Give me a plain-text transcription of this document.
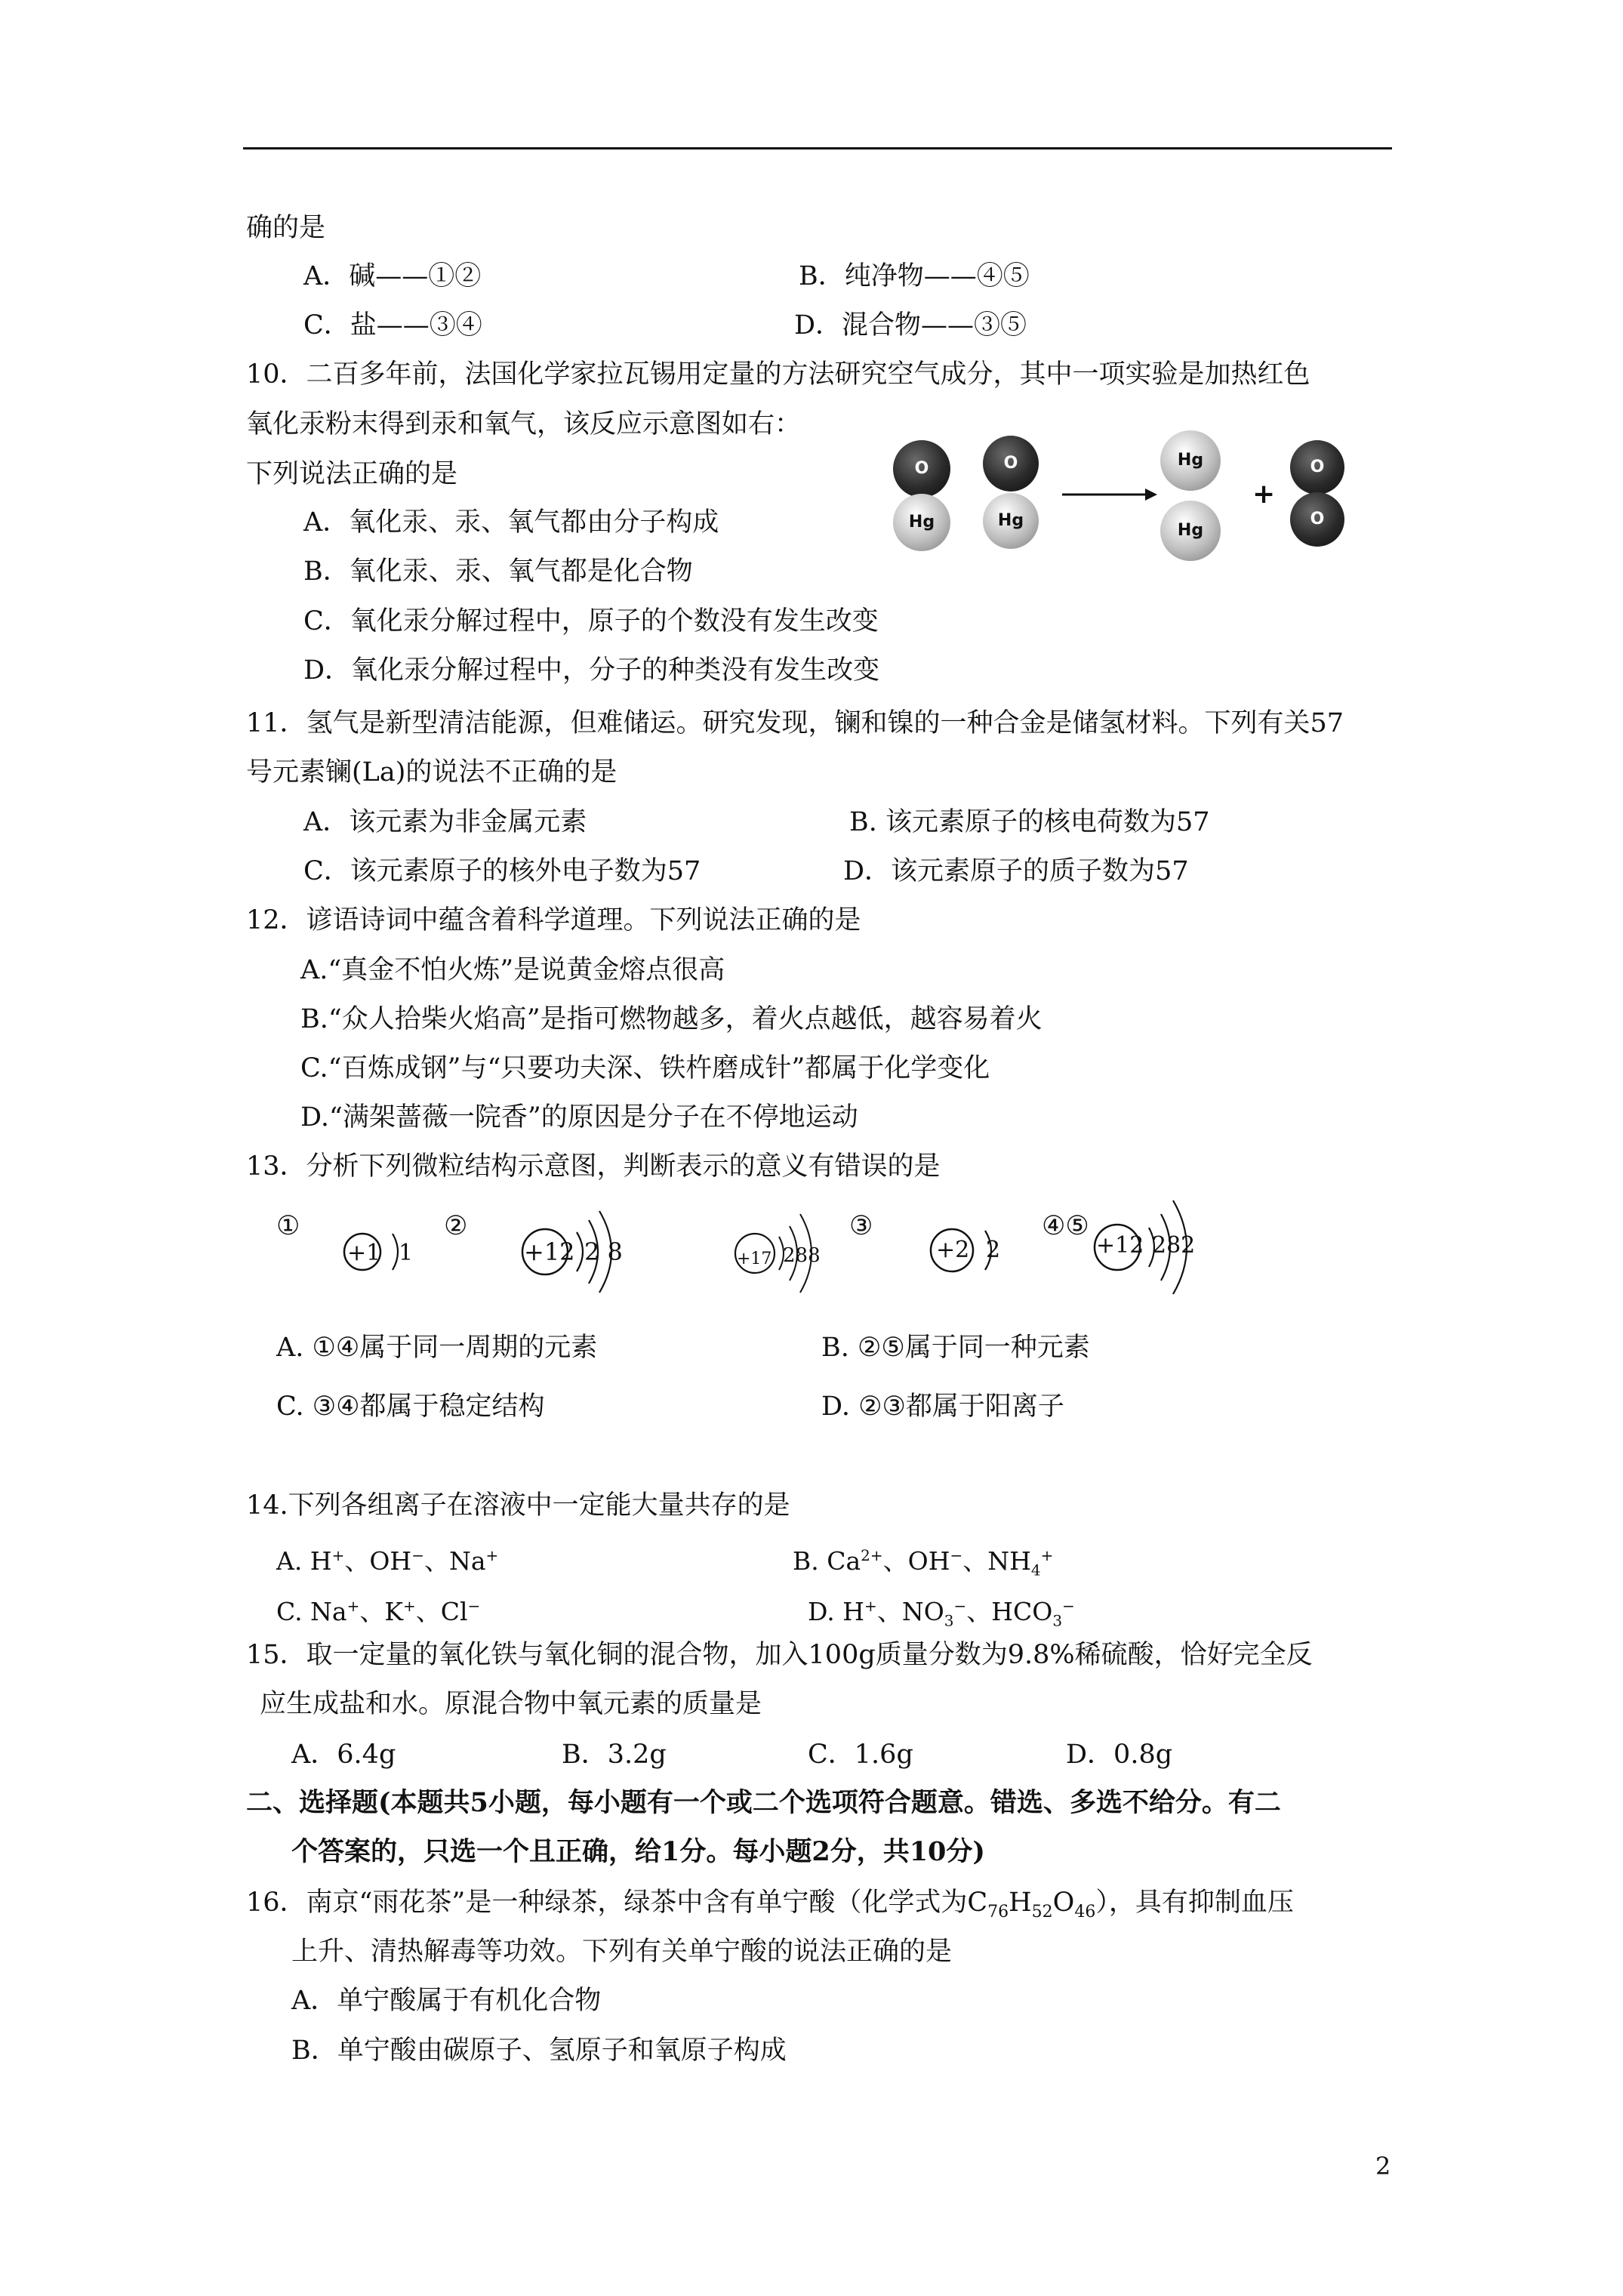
确的是
A．碱——①②	B．纯净物——④⑤
C．盐——③④	D．混合物——③⑤
10．二百多年前，法国化学家拉瓦锡用定量的方法研究空气成分，其中一项实验是加热红色
氧化汞粉末得到汞和氧气，该反应示意图如右：
下列说法正确的是
A．氧化汞、汞、氧气都由分子构成
B．氧化汞、汞、氧气都是化合物
C．氧化汞分解过程中，原子的个数没有发生改变
D．氧化汞分解过程中，分子的种类没有发生改变
O
Hg
O
Hg
Hg
Hg
+
O
O
11．氢气是新型清洁能源，但难储运。研究发现，镧和镍的一种合金是储氢材料。下列有关57
号元素镧(La)的说法不正确的是
A．该元素为非金属元素	B. 该元素原子的核电荷数为57
C．该元素原子的核外电子数为57	D．该元素原子的质子数为57
12．谚语诗词中蕴含着科学道理。下列说法正确的是
A.“真金不怕火炼”是说黄金熔点很高
B.“众人拾柴火焰高”是指可燃物越多，着火点越低，越容易着火
C.“百炼成钢”与“只要功夫深、铁杵磨成针”都属于化学变化
D.“满架蔷薇一院香”的原因是分子在不停地运动
13．分析下列微粒结构示意图，判断表示的意义有错误的是
①	②	③	④⑤
+1 1	+12 2 8	+17 288	+2 2	+12 282
A. ①④属于同一周期的元素	B. ②⑤属于同一种元素
C. ③④都属于稳定结构	D. ②③都属于阳离子
14.下列各组离子在溶液中一定能大量共存的是
A. H+、OH−、Na+	B. $Ca^{2+}$、OH−、$NH_4^+$
C. Na+、K+、Cl−	D. H+、$NO_3^-$、$HCO_3^-$
15．取一定量的氧化铁与氧化铜的混合物，加入100g质量分数为9.8%稀硫酸，恰好完全反
应生成盐和水。原混合物中氧元素的质量是
A．6.4g	B．3.2g	C．1.6g	D．0.8g
二、选择题(本题共5小题，每小题有一个或二个选项符合题意。错选、多选不给分。有二
个答案的，只选一个且正确，给1分。每小题2分，共10分)
16．南京“雨花茶”是一种绿茶，绿茶中含有单宁酸（化学式为$C_{76}H_{52}O_{46}$），具有抑制血压
上升、清热解毒等功效。下列有关单宁酸的说法正确的是
A．单宁酸属于有机化合物
B．单宁酸由碳原子、氢原子和氧原子构成
2
